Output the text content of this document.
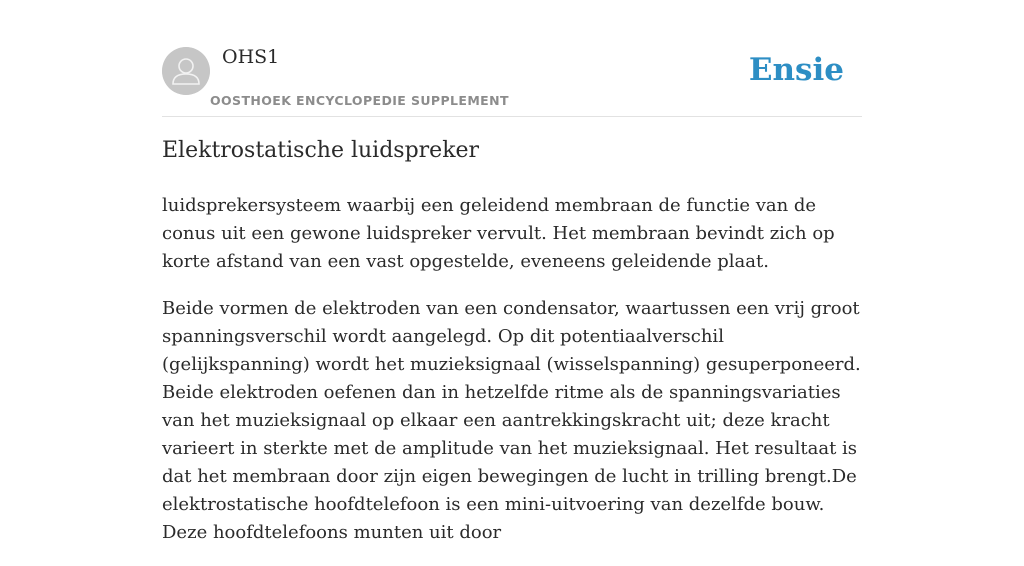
OHS1
OOSTHOEK ENCYCLOPEDIE SUPPLEMENT
Ensie
Elektrostatische luidspreker

luidsprekersysteem waarbij een geleidend membraan de functie van de conus uit een gewone luidspreker vervult. Het membraan bevindt zich op korte afstand van een vast opgestelde, eveneens geleidende plaat.

Beide vormen de elektroden van een condensator, waartussen een vrij groot spanningsverschil wordt aangelegd. Op dit potentiaalverschil (gelijkspanning) wordt het muzieksignaal (wisselspanning) gesuperponeerd. Beide elektroden oefenen dan in hetzelfde ritme als de spanningsvariaties van het muzieksignaal op elkaar een aantrekkingskracht uit; deze kracht varieert in sterkte met de amplitude van het muzieksignaal. Het resultaat is dat het membraan door zijn eigen bewegingen de lucht in trilling brengt.De elektrostatische hoofdtelefoon is een mini-uitvoering van dezelfde bouw. Deze hoofdtelefoons munten uit door
